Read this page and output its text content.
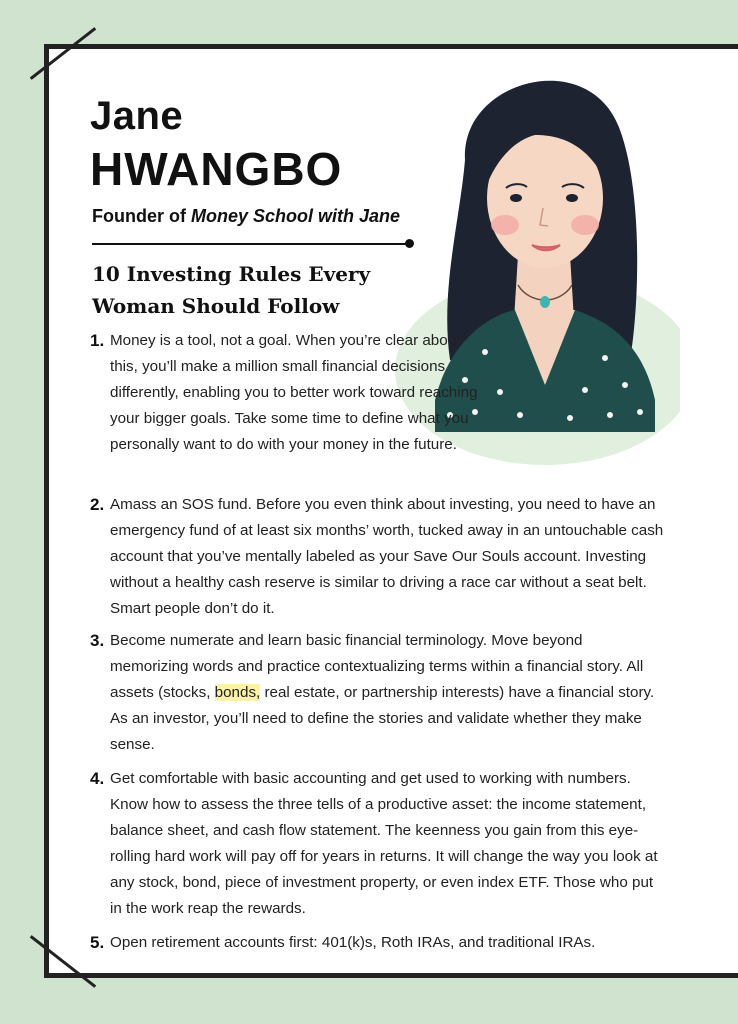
Jane
HWANGBO
Founder of Money School with Jane
10 Investing Rules Every
Woman Should Follow
1. Money is a tool, not a goal. When you’re clear about this, you’ll make a million small financial decisions differently, enabling you to better work toward reaching your bigger goals. Take some time to define what you personally want to do with your money in the future.
2. Amass an SOS fund. Before you even think about investing, you need to have an emergency fund of at least six months’ worth, tucked away in an untouchable cash account that you’ve mentally labeled as your Save Our Souls account. Investing without a healthy cash reserve is similar to driving a race car without a seat belt. Smart people don’t do it.
3. Become numerate and learn basic financial terminology. Move beyond memorizing words and practice contextualizing terms within a financial story. All assets (stocks, bonds, real estate, or partnership interests) have a financial story. As an investor, you’ll need to define the stories and validate whether they make sense.
4. Get comfortable with basic accounting and get used to working with numbers. Know how to assess the three tells of a productive asset: the income statement, balance sheet, and cash flow statement. The keenness you gain from this eye-rolling hard work will pay off for years in returns. It will change the way you look at any stock, bond, piece of investment property, or even index ETF. Those who put in the work reap the rewards.
5. Open retirement accounts first: 401(k)s, Roth IRAs, and traditional IRAs.
